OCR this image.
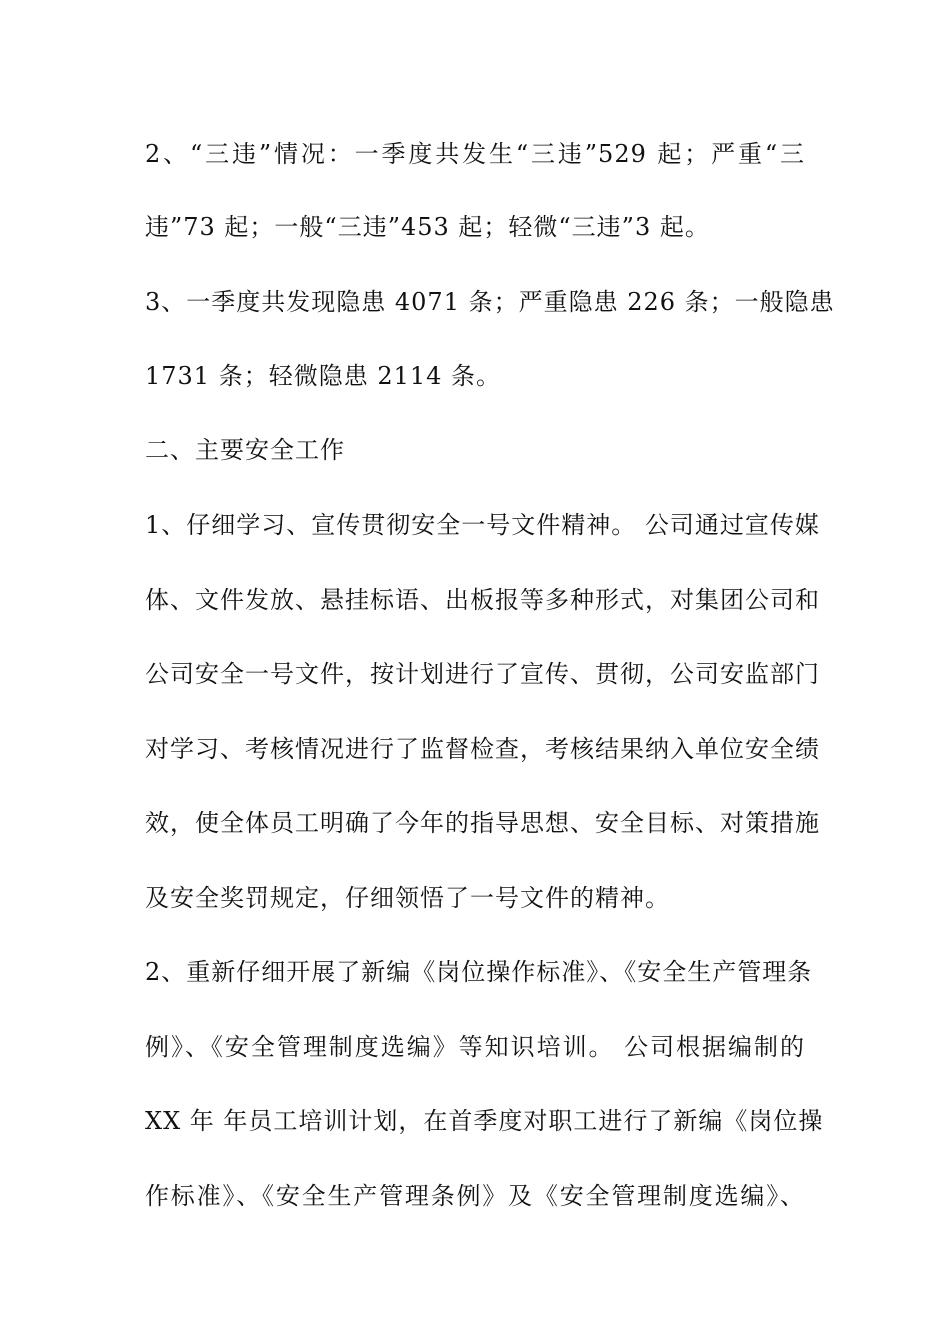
2、“三违”情况：一季度共发生“三违”529 起；严重“三
违”73 起；一般“三违”453 起；轻微“三违”3 起。
3、一季度共发现隐患 4071 条；严重隐患 226 条；一般隐患
1731 条；轻微隐患 2114 条。
二、主要安全工作
1、仔细学习、宣传贯彻安全一号文件精神。 公司通过宣传媒
体、文件发放、悬挂标语、出板报等多种形式，对集团公司和
公司安全一号文件，按计划进行了宣传、贯彻，公司安监部门
对学习、考核情况进行了监督检查，考核结果纳入单位安全绩
效，使全体员工明确了今年的指导思想、安全目标、对策措施
及安全奖罚规定，仔细领悟了一号文件的精神。
2、重新仔细开展了新编《岗位操作标准》、《安全生产管理条
例》、《安全管理制度选编》等知识培训。 公司根据编制的
XX 年 年员工培训计划，在首季度对职工进行了新编《岗位操
作标准》、《安全生产管理条例》及《安全管理制度选编》、
